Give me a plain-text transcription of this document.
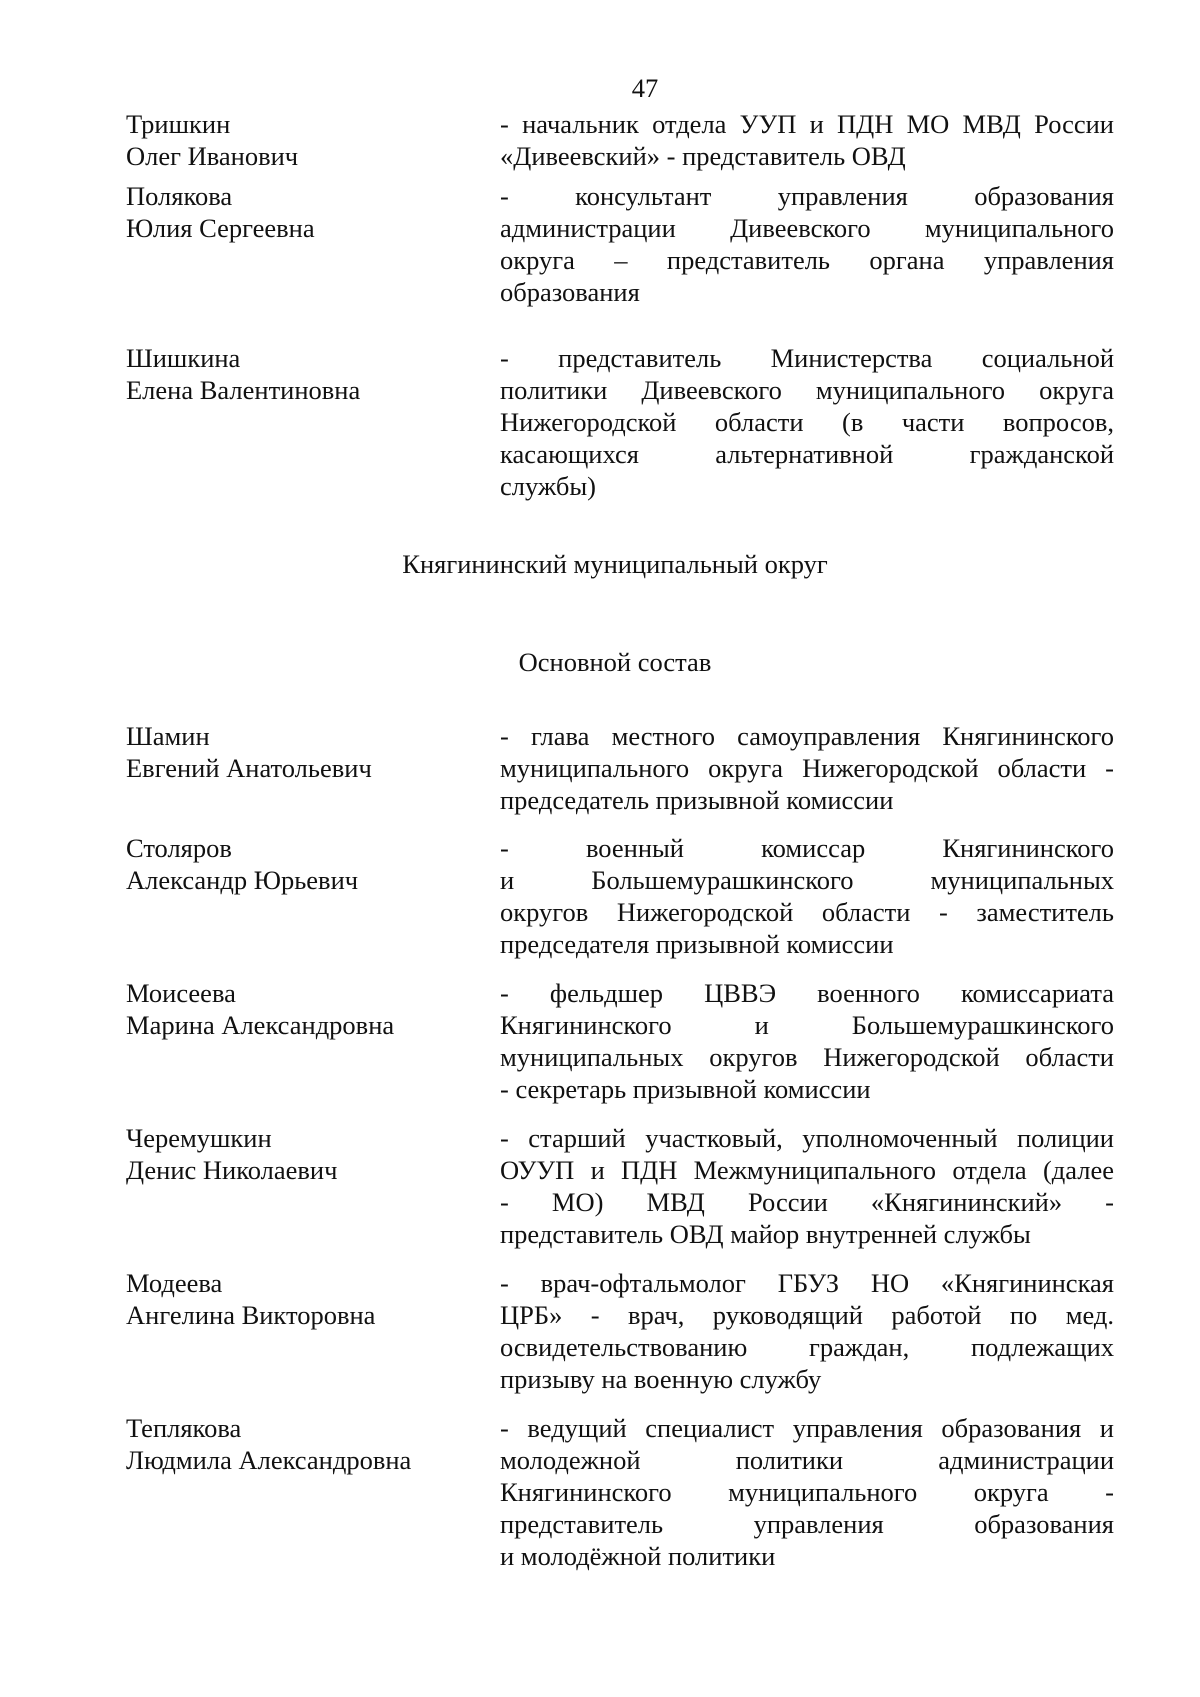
47
Тришкин
Олег Иванович
- начальник отдела УУП и ПДН МО МВД России
«Дивеевский» - представитель ОВД
Полякова
Юлия Сергеевна
- консультант управления образования
администрации Дивеевского муниципального
округа – представитель органа управления
образования
Шишкина
Елена Валентиновна
- представитель Министерства социальной
политики Дивеевского муниципального округа
Нижегородской области (в части вопросов,
касающихся альтернативной гражданской
службы)
Княгининский муниципальный округ
Основной состав
Шамин
Евгений Анатольевич
- глава местного самоуправления Княгининского
муниципального округа Нижегородской области -
председатель призывной комиссии
Столяров
Александр Юрьевич
- военный комиссар Княгининского
и Большемурашкинского муниципальных
округов Нижегородской области - заместитель
председателя призывной комиссии
Моисеева
Марина Александровна
- фельдшер ЦВВЭ военного комиссариата
Княгининского и Большемурашкинского
муниципальных округов Нижегородской области
- секретарь призывной комиссии
Черемушкин
Денис Николаевич
- старший участковый, уполномоченный полиции
ОУУП и ПДН Межмуниципального отдела (далее
- МО) МВД России «Княгининский» -
представитель ОВД майор внутренней службы
Модеева
Ангелина Викторовна
- врач-офтальмолог ГБУЗ НО «Княгининская
ЦРБ» - врач, руководящий работой по мед.
освидетельствованию граждан, подлежащих
призыву на военную службу
Теплякова
Людмила Александровна
- ведущий специалист управления образования и
молодежной политики администрации
Княгининского муниципального округа -
представитель управления образования
и молодёжной политики
